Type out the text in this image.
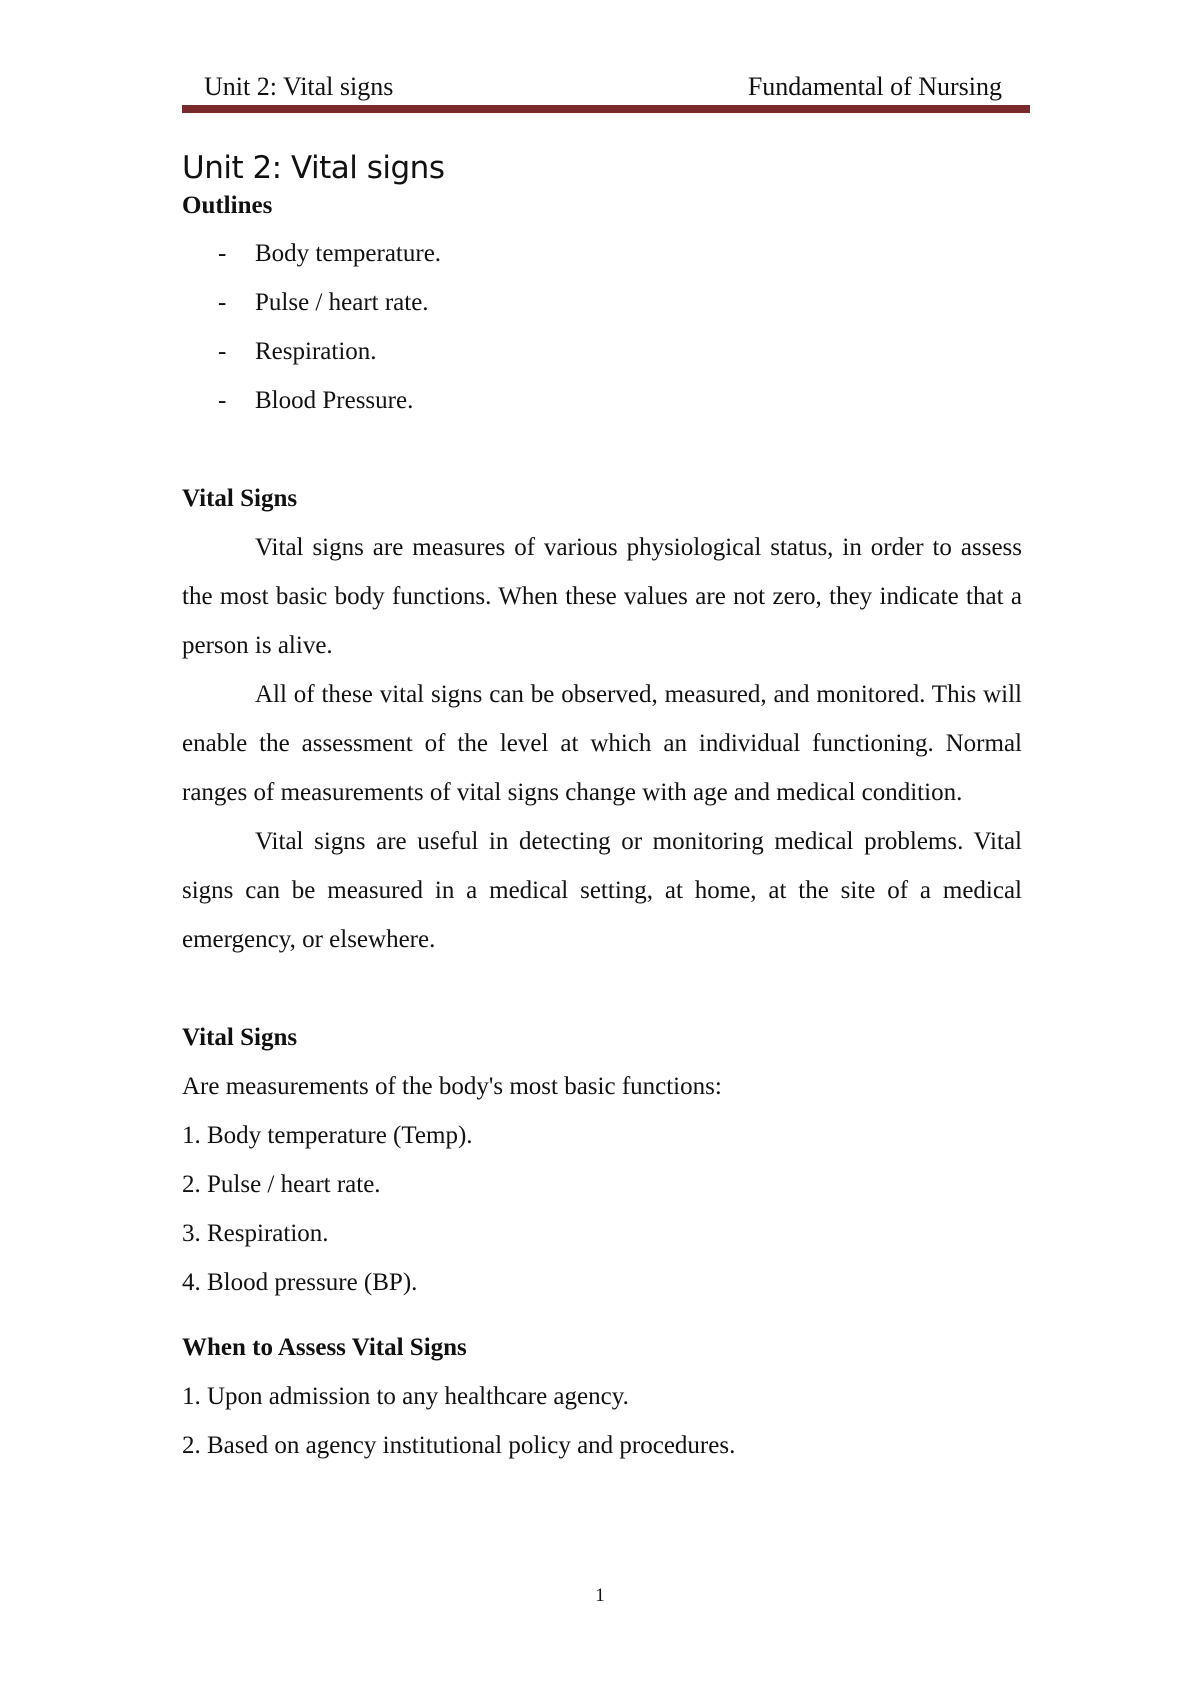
Unit 2: Vital signs	Fundamental of Nursing
Unit 2: Vital signs
Outlines
- Body temperature.
- Pulse / heart rate.
- Respiration.
- Blood Pressure.
Vital Signs

Vital signs are measures of various physiological status, in order to assess the most basic body functions. When these values are not zero, they indicate that a person is alive.

All of these vital signs can be observed, measured, and monitored. This will enable the assessment of the level at which an individual functioning. Normal ranges of measurements of vital signs change with age and medical condition.

Vital signs are useful in detecting or monitoring medical problems. Vital signs can be measured in a medical setting, at home, at the site of a medical emergency, or elsewhere.

Vital Signs
Are measurements of the body's most basic functions:
1. Body temperature (Temp).
2. Pulse / heart rate.
3. Respiration.
4. Blood pressure (BP).
When to Assess Vital Signs
1. Upon admission to any healthcare agency.
2. Based on agency institutional policy and procedures.
1
